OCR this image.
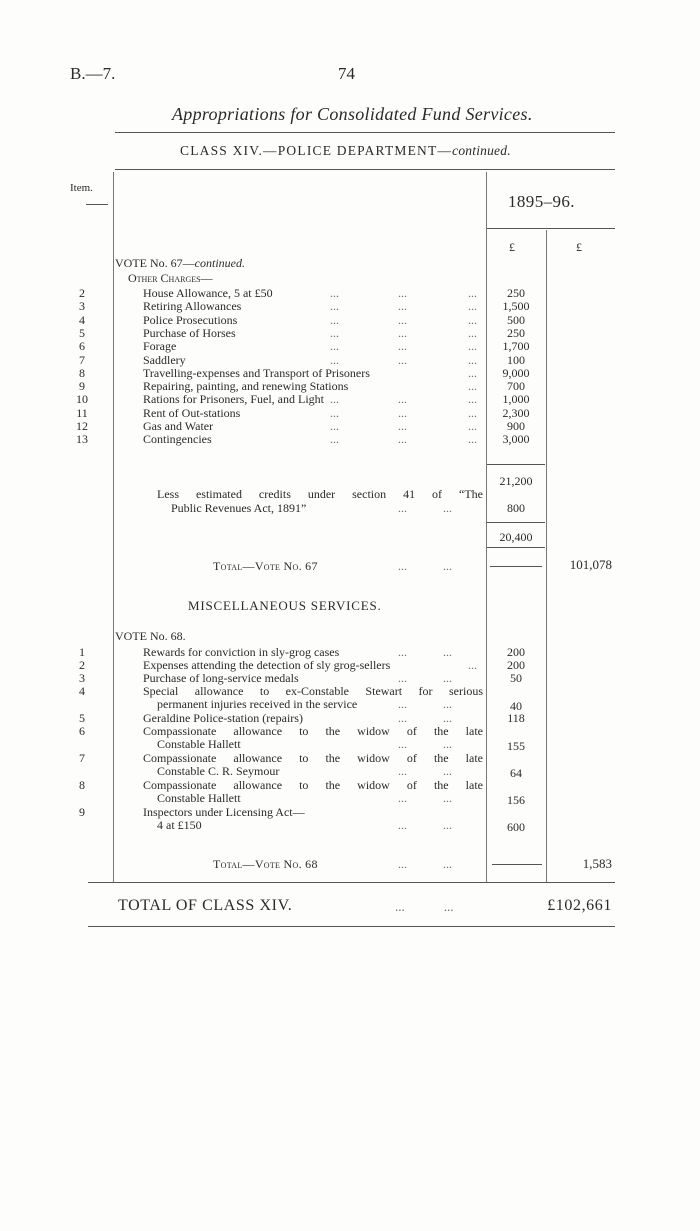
B.—7.	74
Appropriations for Consolidated Fund Services.
CLASS XIV.—POLICE DEPARTMENT—continued.
Item.
1895–96.
£	£
VOTE No. 67—continued.
Other Charges—
2	House Allowance, 5 at £50	...	...	...	250
3	Retiring Allowances	...	...	...	1,500
4	Police Prosecutions	...	...	...	500
5	Purchase of Horses	...	...	...	250
6	Forage	...	...	...	1,700
7	Saddlery	...	...	...	100
8	Travelling-expenses and Transport of Prisoners	...	9,000
9	Repairing, painting, and renewing Stations	...	700
10	Rations for Prisoners, Fuel, and Light ...	...	...	1,000
11	Rent of Out-stations	...	...	...	2,300
12	Gas and Water	...	...	...	900
13	Contingencies	...	...	...	3,000
21,200
Less estimated credits under section 41 of “The
Public Revenues Act, 1891”	...            ...	800
20,400
Total—Vote No. 67	...            ...	101,078
MISCELLANEOUS SERVICES.
VOTE No. 68.
1	Rewards for conviction in sly-grog cases	...            ...	200
2	Expenses attending the detection of sly grog-sellers	...	200
3	Purchase of long-service medals	...            ...	50
4	Special allowance to ex-Constable Stewart for serious
permanent injuries received in the service	...            ...	40
5	Geraldine Police-station (repairs)	...            ...	118
6	Compassionate allowance to the widow of the late
Constable Hallett	...            ...	155
7	Compassionate allowance to the widow of the late
Constable C. R. Seymour	...            ...	64
8	Compassionate allowance to the widow of the late
Constable Hallett	...            ...	156
9	Inspectors under Licensing Act—
4 at £150	...            ...	600
Total—Vote No. 68	...            ...	1,583
TOTAL OF CLASS XIV.	...            ...	£102,661
